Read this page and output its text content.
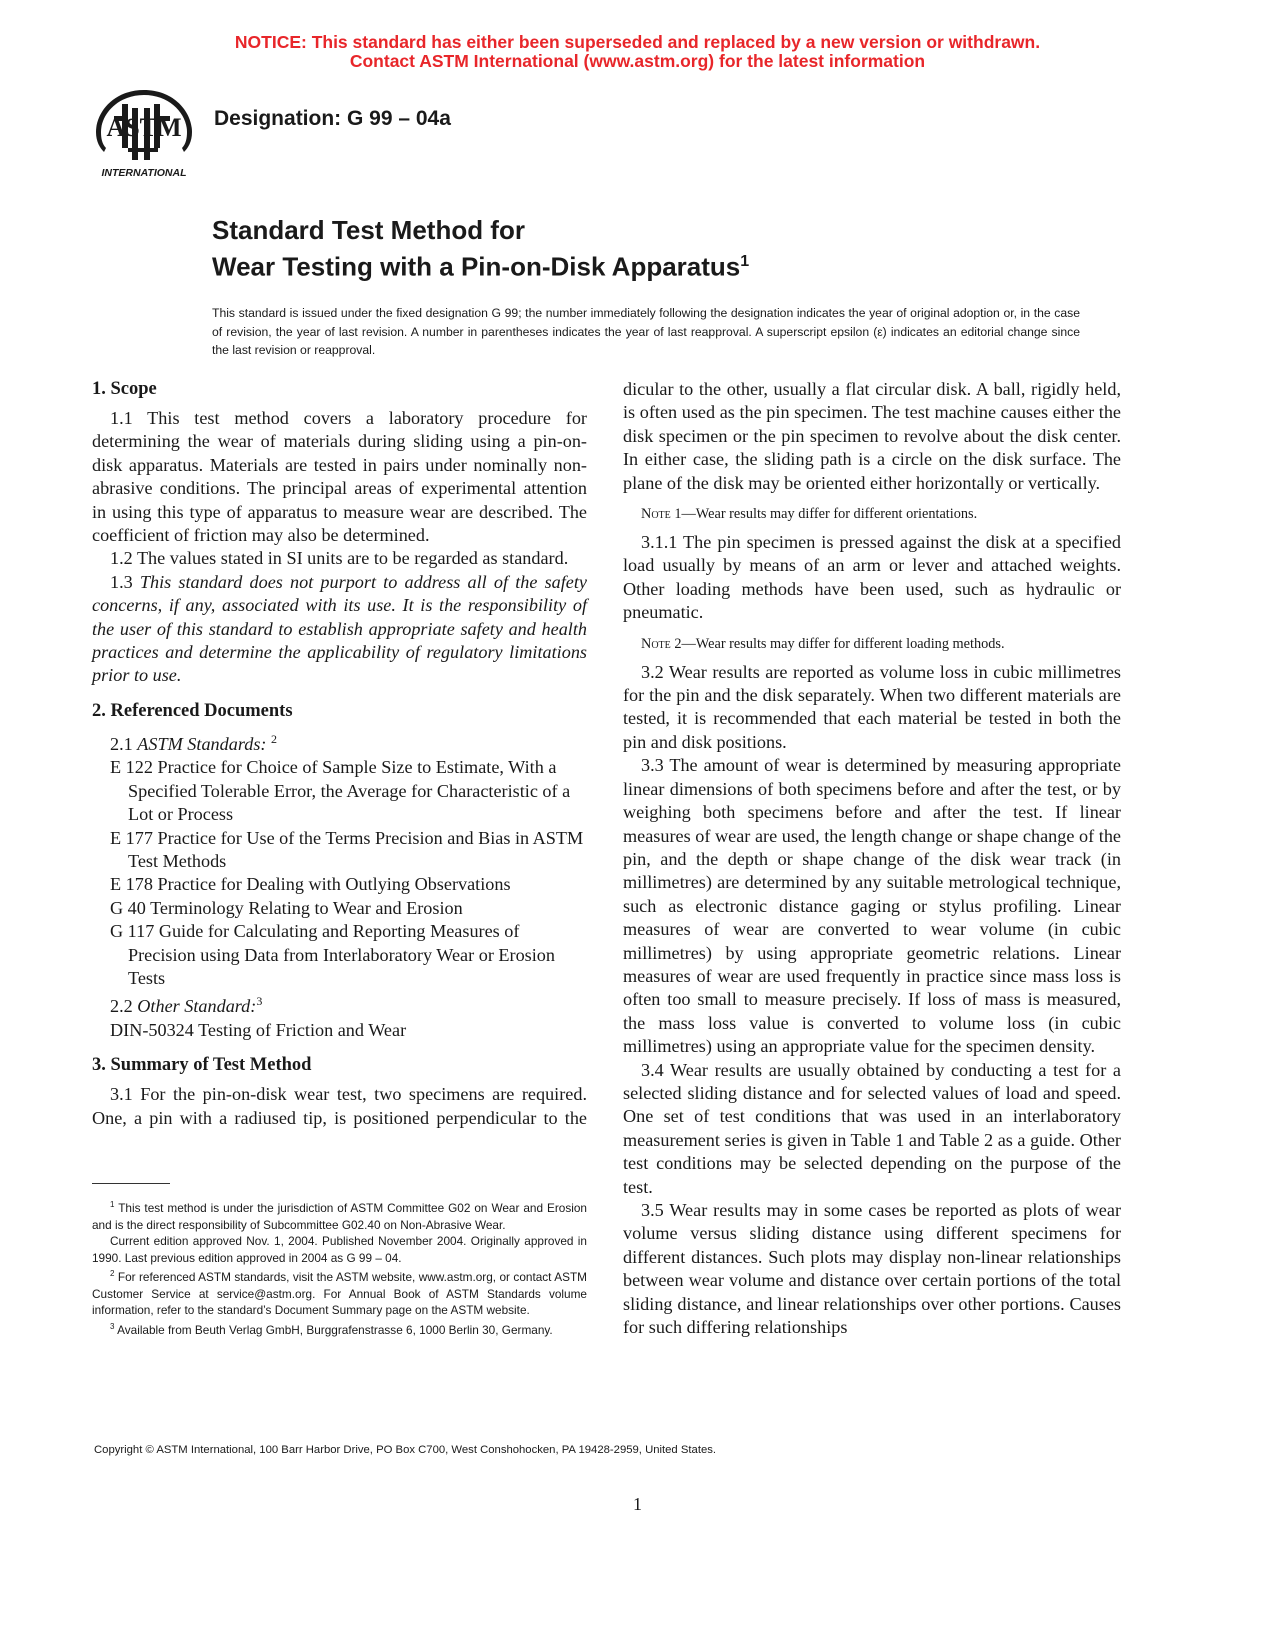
NOTICE: This standard has either been superseded and replaced by a new version or withdrawn.
Contact ASTM International (www.astm.org) for the latest information
ASTM
INTERNATIONAL
Designation: G 99 – 04a
Standard Test Method for
Wear Testing with a Pin-on-Disk Apparatus$^1$
This standard is issued under the fixed designation G 99; the number immediately following the designation indicates the year of original adoption or, in the case of revision, the year of last revision. A number in parentheses indicates the year of last reapproval. A superscript epsilon (ε) indicates an editorial change since the last revision or reapproval.
1. Scope

1.1 This test method covers a laboratory procedure for determining the wear of materials during sliding using a pin-on-disk apparatus. Materials are tested in pairs under nominally non-abrasive conditions. The principal areas of experimental attention in using this type of apparatus to measure wear are described. The coefficient of friction may also be determined.

1.2 The values stated in SI units are to be regarded as standard.

1.3 This standard does not purport to address all of the safety concerns, if any, associated with its use. It is the responsibility of the user of this standard to establish appropriate safety and health practices and determine the applicability of regulatory limitations prior to use.

2. Referenced Documents

2.1 ASTM Standards: $^2$

E 122 Practice for Choice of Sample Size to Estimate, With a Specified Tolerable Error, the Average for Characteristic of a Lot or Process

E 177 Practice for Use of the Terms Precision and Bias in ASTM Test Methods

E 178 Practice for Dealing with Outlying Observations

G 40 Terminology Relating to Wear and Erosion

G 117 Guide for Calculating and Reporting Measures of Precision using Data from Interlaboratory Wear or Erosion Tests

2.2 Other Standard:$^3$

DIN-50324 Testing of Friction and Wear

3. Summary of Test Method

3.1 For the pin-on-disk wear test, two specimens are required. One, a pin with a radiused tip, is positioned perpendicular to the

dicular to the other, usually a flat circular disk. A ball, rigidly held, is often used as the pin specimen. The test machine causes either the disk specimen or the pin specimen to revolve about the disk center. In either case, the sliding path is a circle on the disk surface. The plane of the disk may be oriented either horizontally or vertically.

Note 1—Wear results may differ for different orientations.

3.1.1 The pin specimen is pressed against the disk at a specified load usually by means of an arm or lever and attached weights. Other loading methods have been used, such as hydraulic or pneumatic.

Note 2—Wear results may differ for different loading methods.

3.2 Wear results are reported as volume loss in cubic millimetres for the pin and the disk separately. When two different materials are tested, it is recommended that each material be tested in both the pin and disk positions.

3.3 The amount of wear is determined by measuring appropriate linear dimensions of both specimens before and after the test, or by weighing both specimens before and after the test. If linear measures of wear are used, the length change or shape change of the pin, and the depth or shape change of the disk wear track (in millimetres) are determined by any suitable metrological technique, such as electronic distance gaging or stylus profiling. Linear measures of wear are converted to wear volume (in cubic millimetres) by using appropriate geometric relations. Linear measures of wear are used frequently in practice since mass loss is often too small to measure precisely. If loss of mass is measured, the mass loss value is converted to volume loss (in cubic millimetres) using an appropriate value for the specimen density.

3.4 Wear results are usually obtained by conducting a test for a selected sliding distance and for selected values of load and speed. One set of test conditions that was used in an interlaboratory measurement series is given in Table 1 and Table 2 as a guide. Other test conditions may be selected depending on the purpose of the test.

3.5 Wear results may in some cases be reported as plots of wear volume versus sliding distance using different specimens for different distances. Such plots may display non-linear relationships between wear volume and distance over certain portions of the total sliding distance, and linear relationships over other portions. Causes for such differing relationships

$^1$ This test method is under the jurisdiction of ASTM Committee G02 on Wear and Erosion and is the direct responsibility of Subcommittee G02.40 on Non-Abrasive Wear.

Current edition approved Nov. 1, 2004. Published November 2004. Originally approved in 1990. Last previous edition approved in 2004 as G 99 – 04.

$^2$ For referenced ASTM standards, visit the ASTM website, www.astm.org, or contact ASTM Customer Service at service@astm.org. For Annual Book of ASTM Standards volume information, refer to the standard’s Document Summary page on the ASTM website.

$^3$ Available from Beuth Verlag GmbH, Burggrafenstrasse 6, 1000 Berlin 30, Germany.

Copyright © ASTM International, 100 Barr Harbor Drive, PO Box C700, West Conshohocken, PA 19428-2959, United States.
1
